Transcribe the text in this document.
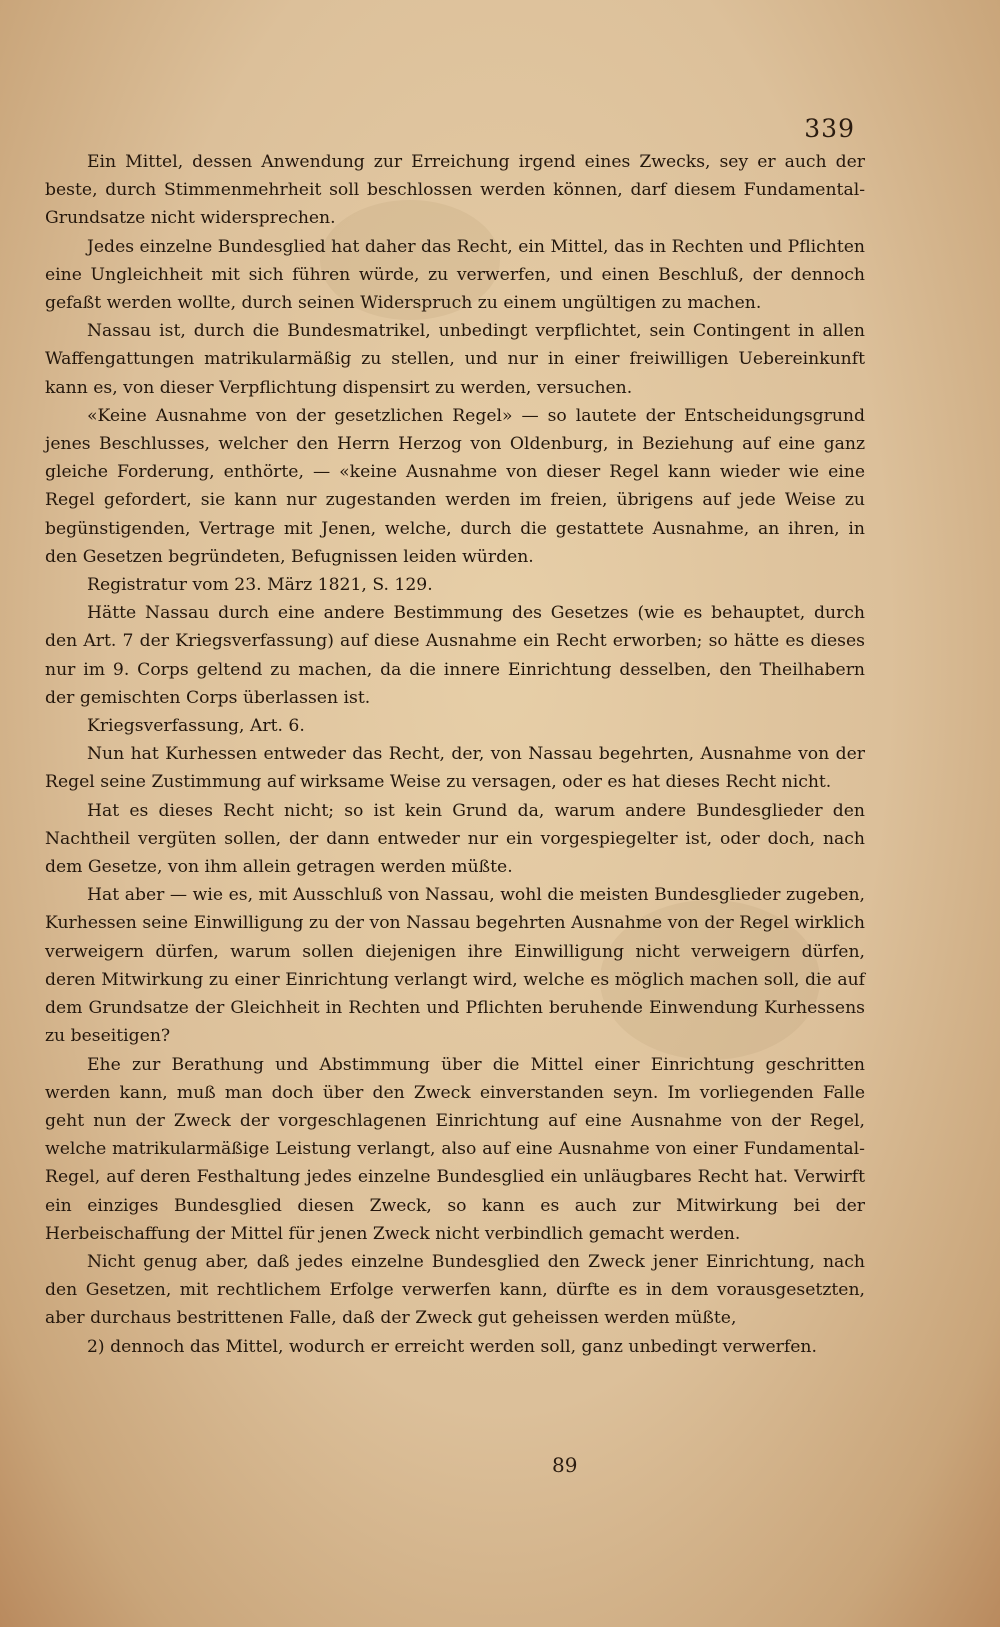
339

Ein Mittel, dessen Anwendung zur Erreichung irgend eines Zwecks, sey er auch der beste, durch Stimmenmehrheit soll beschlossen werden können, darf diesem Fundamental-Grundsatze nicht widersprechen.

Jedes einzelne Bundesglied hat daher das Recht, ein Mittel, das in Rechten und Pflichten eine Ungleichheit mit sich führen würde, zu verwerfen, und einen Beschluß, der dennoch gefaßt werden wollte, durch seinen Widerspruch zu einem ungültigen zu machen.

Nassau ist, durch die Bundesmatrikel, unbedingt verpflichtet, sein Contingent in allen Waffengattungen matrikularmäßig zu stellen, und nur in einer freiwilligen Uebereinkunft kann es, von dieser Verpflichtung dispensirt zu werden, versuchen.

«Keine Ausnahme von der gesetzlichen Regel» — so lautete der Entscheidungsgrund jenes Beschlusses, welcher den Herrn Herzog von Oldenburg, in Beziehung auf eine ganz gleiche Forderung, enthörte, — «keine Ausnahme von dieser Regel kann wieder wie eine Regel gefordert, sie kann nur zugestanden werden im freien, übrigens auf jede Weise zu begünstigenden, Vertrage mit Jenen, welche, durch die gestattete Ausnahme, an ihren, in den Gesetzen begründeten, Befugnissen leiden würden.

Registratur vom 23. März 1821, S. 129.

Hätte Nassau durch eine andere Bestimmung des Gesetzes (wie es behauptet, durch den Art. 7 der Kriegsverfassung) auf diese Ausnahme ein Recht erworben; so hätte es dieses nur im 9. Corps geltend zu machen, da die innere Einrichtung desselben, den Theilhabern der gemischten Corps überlassen ist.

Kriegsverfassung, Art. 6.

Nun hat Kurhessen entweder das Recht, der, von Nassau begehrten, Ausnahme von der Regel seine Zustimmung auf wirksame Weise zu versagen, oder es hat dieses Recht nicht.

Hat es dieses Recht nicht; so ist kein Grund da, warum andere Bundesglieder den Nachtheil vergüten sollen, der dann entweder nur ein vorgespiegelter ist, oder doch, nach dem Gesetze, von ihm allein getragen werden müßte.

Hat aber — wie es, mit Ausschluß von Nassau, wohl die meisten Bundesglieder zugeben, Kurhessen seine Einwilligung zu der von Nassau begehrten Ausnahme von der Regel wirklich verweigern dürfen, warum sollen diejenigen ihre Einwilligung nicht verweigern dürfen, deren Mitwirkung zu einer Einrichtung verlangt wird, welche es möglich machen soll, die auf dem Grundsatze der Gleichheit in Rechten und Pflichten beruhende Einwendung Kurhessens zu beseitigen?

Ehe zur Berathung und Abstimmung über die Mittel einer Einrichtung geschritten werden kann, muß man doch über den Zweck einverstanden seyn. Im vorliegenden Falle geht nun der Zweck der vorgeschlagenen Einrichtung auf eine Ausnahme von der Regel, welche matrikularmäßige Leistung verlangt, also auf eine Ausnahme von einer Fundamental-Regel, auf deren Festhaltung jedes einzelne Bundesglied ein unläugbares Recht hat. Verwirft ein einziges Bundesglied diesen Zweck, so kann es auch zur Mitwirkung bei der Herbeischaffung der Mittel für jenen Zweck nicht verbindlich gemacht werden.

Nicht genug aber, daß jedes einzelne Bundesglied den Zweck jener Einrichtung, nach den Gesetzen, mit rechtlichem Erfolge verwerfen kann, dürfte es in dem vorausgesetzten, aber durchaus bestrittenen Falle, daß der Zweck gut geheissen werden müßte,

2) dennoch das Mittel, wodurch er erreicht werden soll, ganz unbedingt verwerfen.

89
